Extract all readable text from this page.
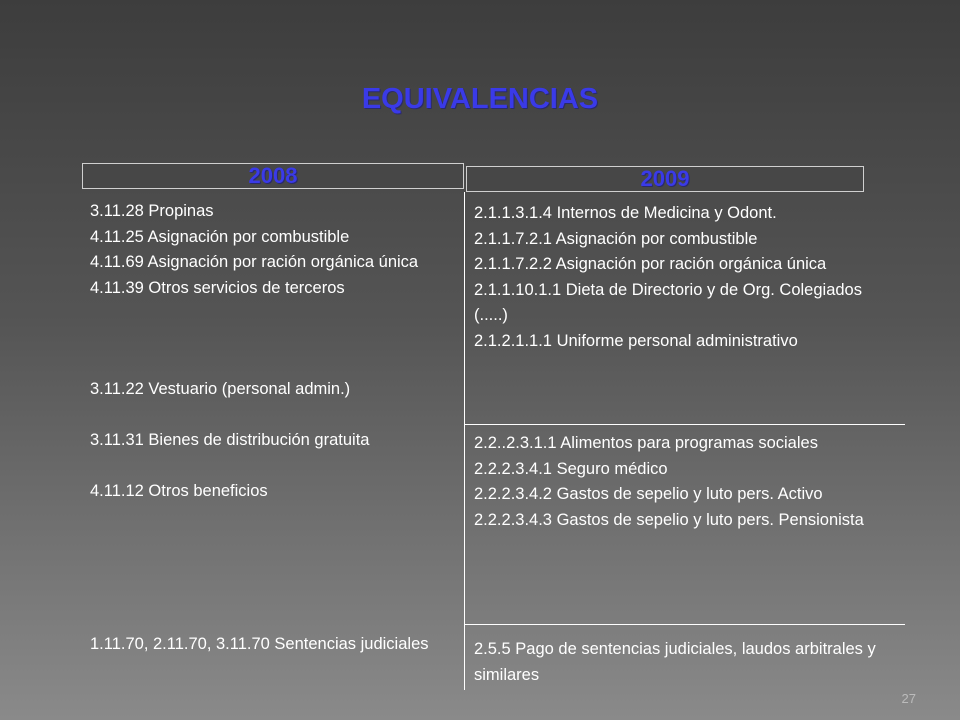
EQUIVALENCIAS
2008	2009
3.11.28 Propinas
4.11.25 Asignación por combustible
4.11.69 Asignación por ración orgánica única
4.11.39 Otros servicios de terceros
3.11.22 Vestuario (personal admin.)
3.11.31 Bienes de distribución gratuita
4.11.12 Otros beneficios
1.11.70, 2.11.70, 3.11.70 Sentencias judiciales
2.1.1.3.1.4 Internos de Medicina y Odont.
2.1.1.7.2.1 Asignación por combustible
2.1.1.7.2.2 Asignación por ración orgánica única
2.1.1.10.1.1 Dieta de Directorio y de Org. Colegiados
(.....)
2.1.2.1.1.1 Uniforme personal administrativo
2.2..2.3.1.1 Alimentos para programas sociales
2.2.2.3.4.1 Seguro médico
2.2.2.3.4.2 Gastos de sepelio y luto pers. Activo
2.2.2.3.4.3 Gastos de sepelio y luto pers. Pensionista
2.5.5 Pago de sentencias judiciales, laudos arbitrales y similares
27
